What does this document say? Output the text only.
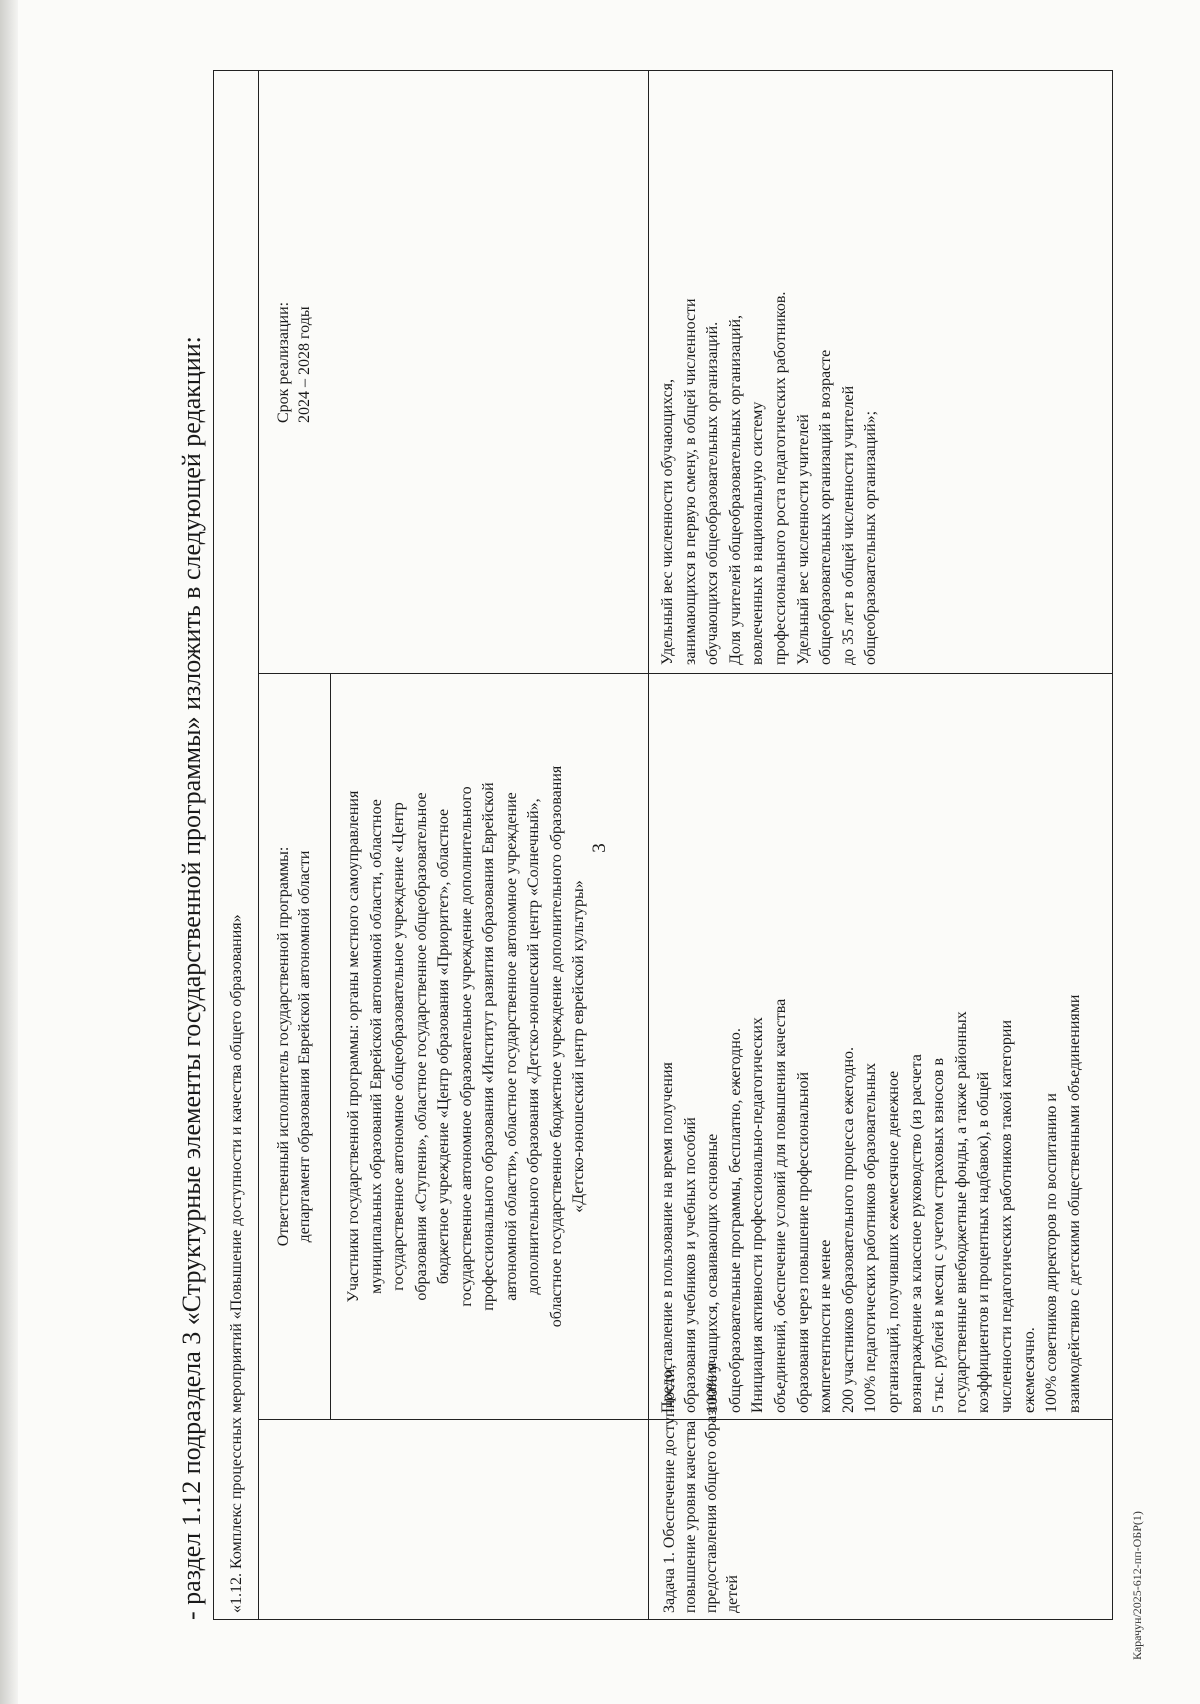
3
- раздел 1.12 подраздела 3 «Структурные элементы государственной программы» изложить в следующей редакции:	«1.12. Комплекс процессных мероприятий «Повышение доступности и качества общего образования»	Ответственный исполнитель государственной программы: департамент образования Еврейской автономной области
Срок реализации: 2024 – 2028 годы
Участники государственной программы: органы местного самоуправления муниципальных образований Еврейской автономной области, областное государственное автономное общеобразовательное учреждение «Центр образования «Ступени», областное государственное общеобразовательное бюджетное учреждение «Центр образования «Приоритет», областное государственное автономное образовательное учреждение дополнительного профессионального образования «Институт развития образования Еврейской автономной области», областное государственное автономное учреждение дополнительного образования «Детско-юношеский центр «Солнечный», областное государственное бюджетное учреждение дополнительного образования «Детско-юношеский центр еврейской культуры»
Задача 1. Обеспечение доступности, повышение уровня качества предоставления общего образования детей
Предоставление в пользование на время получения образования учебников и учебных пособий 100% учащихся, осваивающих основные общеобразовательные программы, бесплатно, ежегодно. Инициация активности профессионально-педагогических объединений, обеспечение условий для повышения качества образования через повышение профессиональной компетентности не менее 200 участников образовательного процесса ежегодно. 100% педагогических работников образовательных организаций, получивших ежемесячное денежное вознаграждение за классное руководство (из расчета 5 тыс. рублей в месяц с учетом страховых взносов в государственные внебюджетные фонды, а также районных коэффициентов и процентных надбавок), в общей численности педагогических работников такой категории ежемесячно. 100% советников директоров по воспитанию и взаимодействию с детскими общественными объединениями
Удельный вес численности обучающихся, занимающихся в первую смену, в общей численности обучающихся общеобразовательных организаций. Доля учителей общеобразовательных организаций, вовлеченных в национальную систему профессионального роста педагогических работников. Удельный вес численности учителей общеобразовательных организаций в возрасте до 35 лет в общей численности учителей общеобразовательных организаций»;
Карачун/2025-612-пп-ОБР(1)
